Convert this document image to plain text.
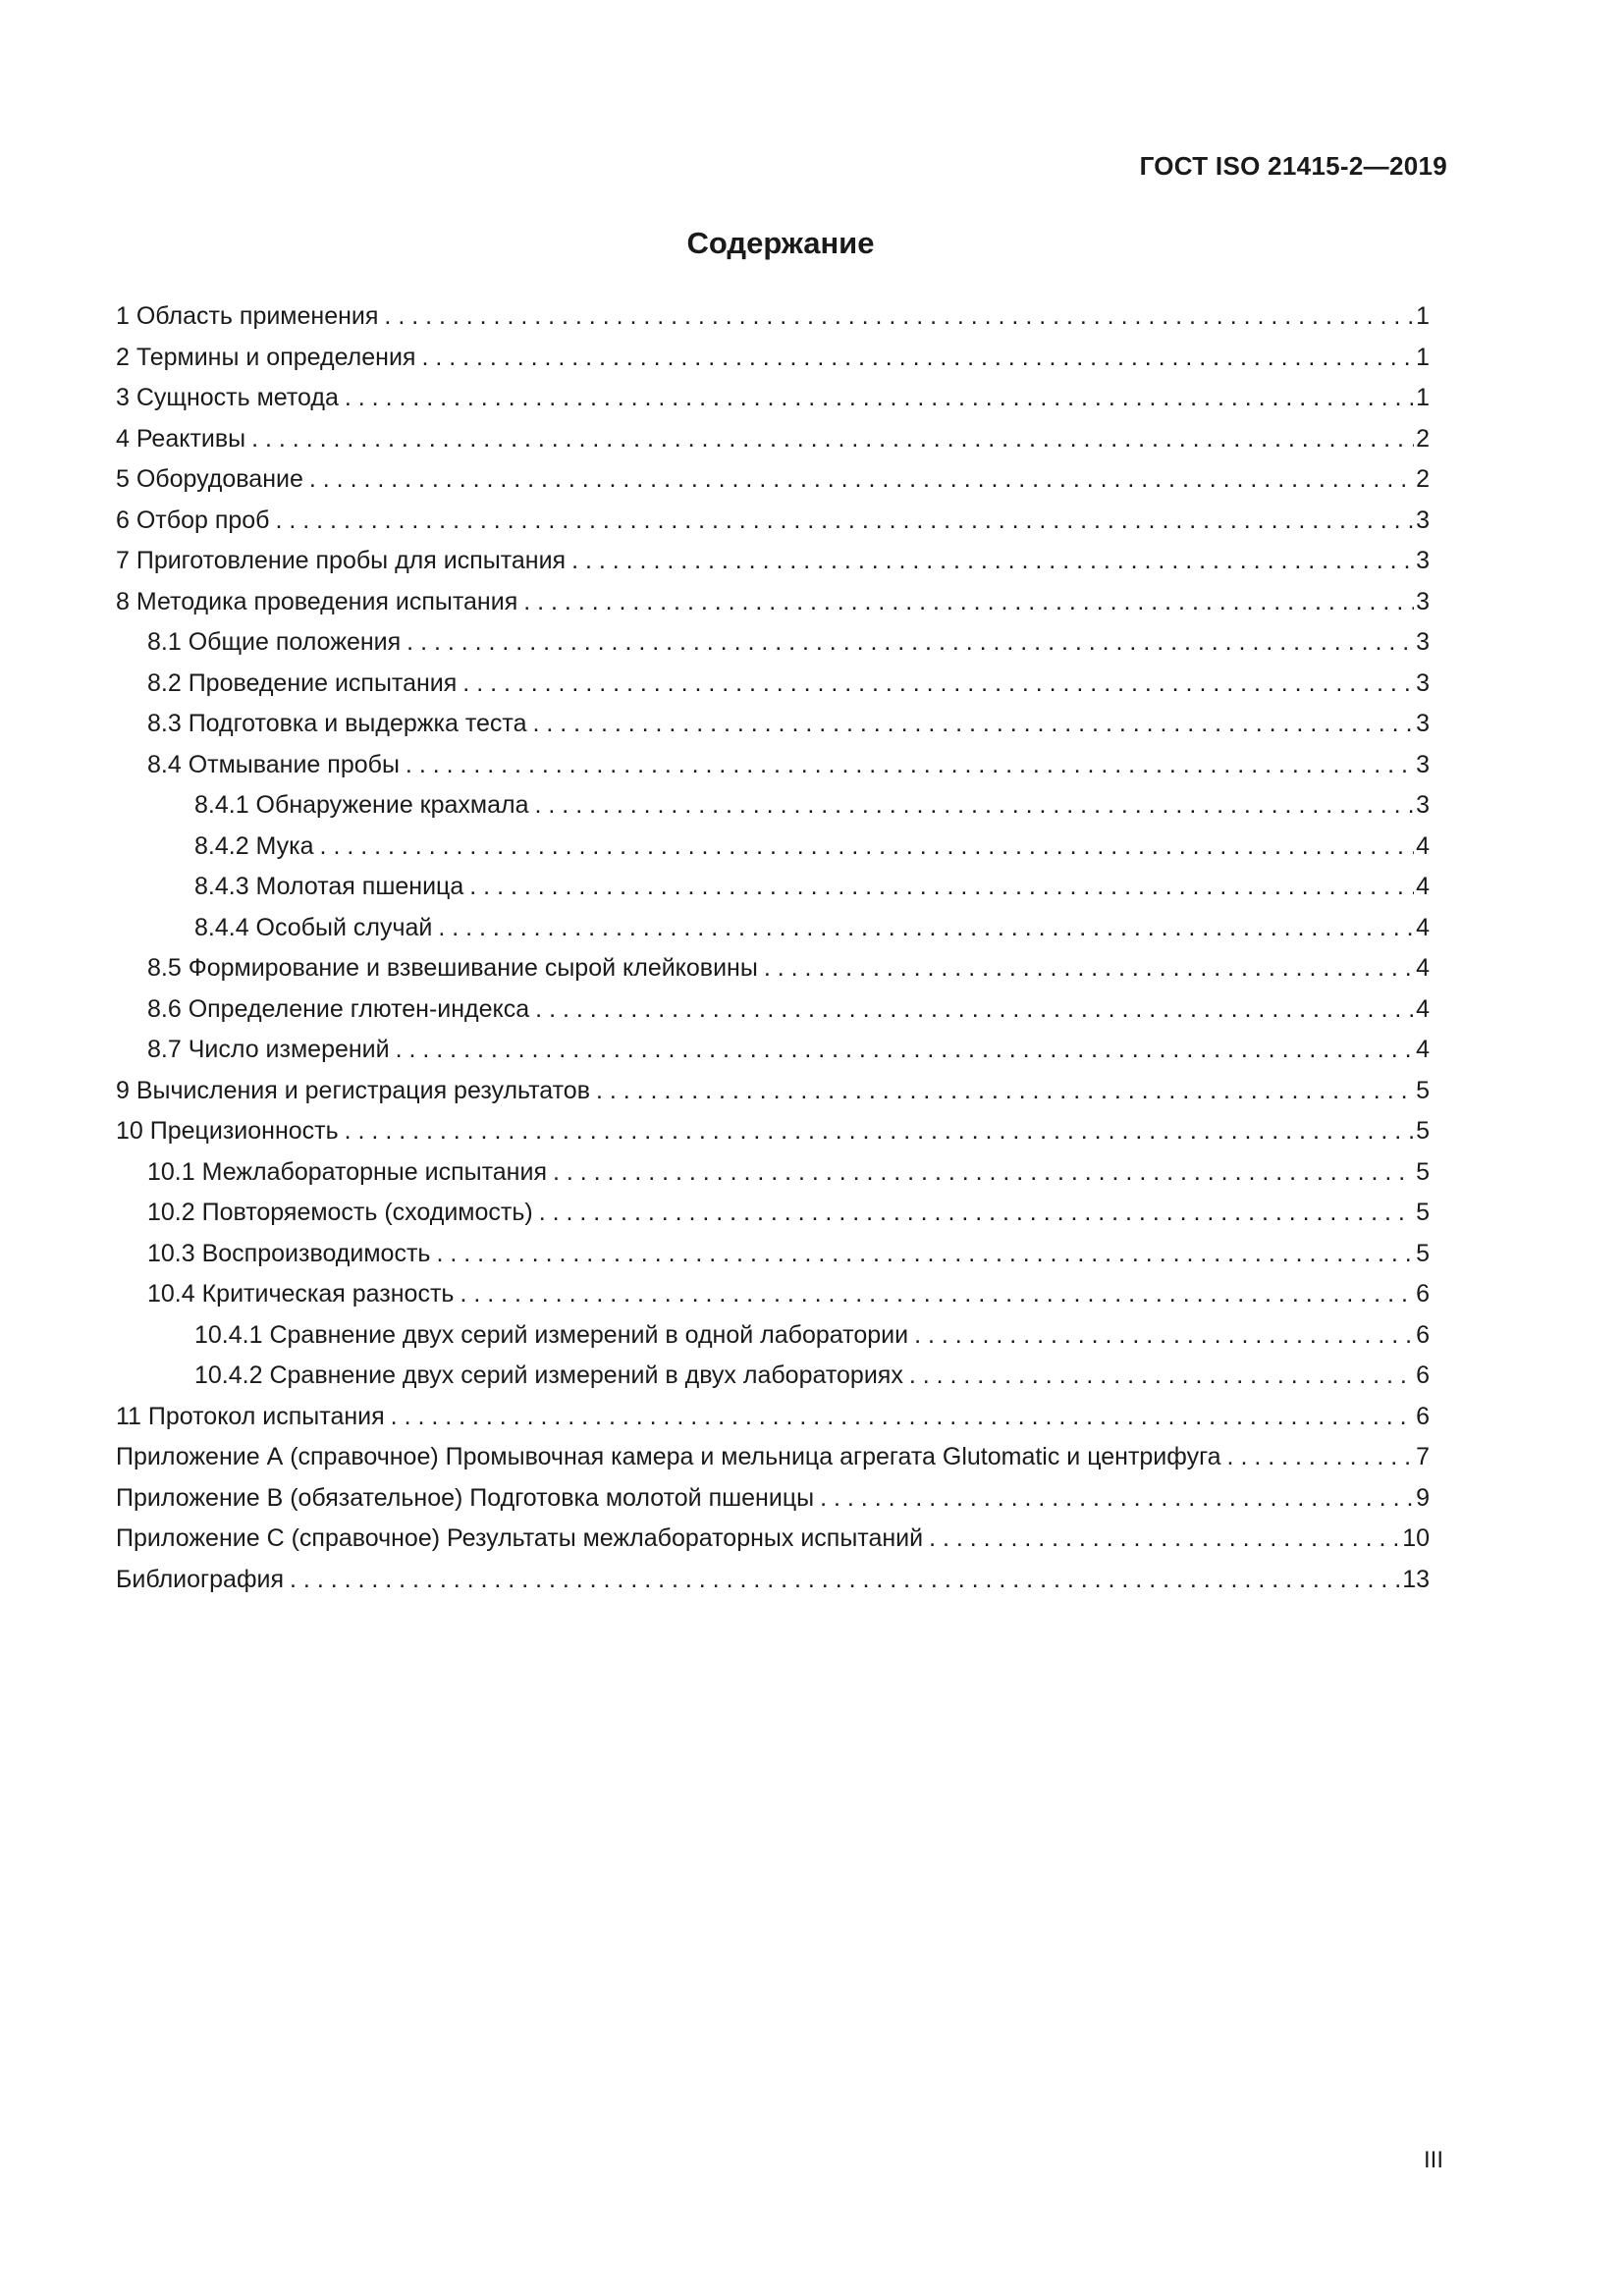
ГОСТ ISO 21415-2—2019
Содержание
1 Область применения . . .	1
2 Термины и определения . . .	1
3 Сущность метода . . .	1
4 Реактивы . . .	2
5 Оборудование . . .	2
6 Отбор проб . . .	3
7 Приготовление пробы для испытания . . .	3
8 Методика проведения испытания . . .	3
8.1 Общие положения . . .	3
8.2 Проведение испытания . . .	3
8.3 Подготовка и выдержка теста . . .	3
8.4 Отмывание пробы . . .	3
8.4.1 Обнаружение крахмала . . .	3
8.4.2 Мука . . .	4
8.4.3 Молотая пшеница . . .	4
8.4.4 Особый случай . . .	4
8.5 Формирование и взвешивание сырой клейковины . . .	4
8.6 Определение глютен-индекса . . .	4
8.7 Число измерений . . .	4
9 Вычисления и регистрация результатов . . .	5
10 Прецизионность . . .	5
10.1 Межлабораторные испытания . . .	5
10.2 Повторяемость (сходимость) . . .	5
10.3 Воспроизводимость . . .	5
10.4 Критическая разность . . .	6
10.4.1 Сравнение двух серий измерений в одной лаборатории . . .	6
10.4.2 Сравнение двух серий измерений в двух лабораториях . . .	6
11 Протокол испытания . . .	6
Приложение А (справочное) Промывочная камера и мельница агрегата Glutomatic и центрифуга . . .	7
Приложение В (обязательное) Подготовка молотой пшеницы . . .	9
Приложение С (справочное) Результаты межлабораторных испытаний . . .	10
Библиография . . .	13
III
